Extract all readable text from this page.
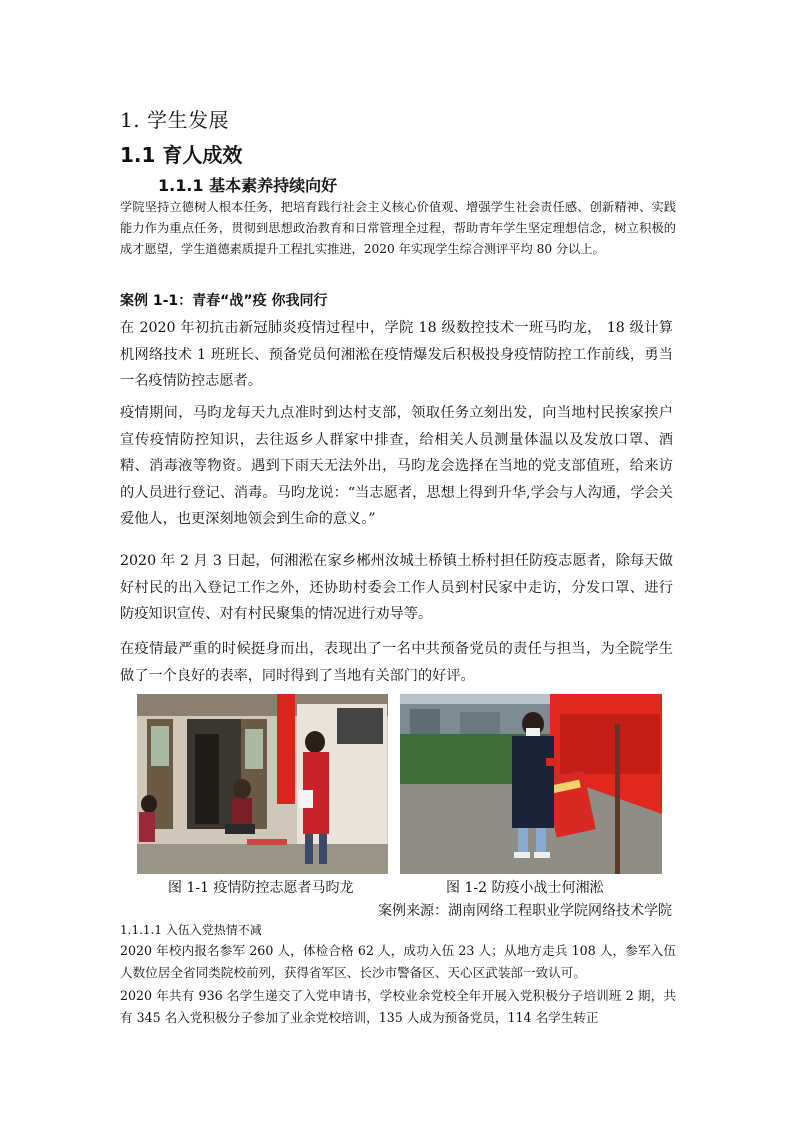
1. 学生发展
1.1 育人成效
1.1.1 基本素养持续向好
学院坚持立德树人根本任务，把培育践行社会主义核心价值观、增强学生社会责任感、创新精神、实践能力作为重点任务，贯彻到思想政治教育和日常管理全过程，帮助青年学生坚定理想信念，树立积极的成才愿望，学生道德素质提升工程扎实推进，2020 年实现学生综合测评平均 80 分以上。
案例 1-1：青春“战”疫 你我同行
在 2020 年初抗击新冠肺炎疫情过程中，学院 18 级数控技术一班马昀龙， 18 级计算机网络技术 1 班班长、预备党员何湘淞在疫情爆发后积极投身疫情防控工作前线，勇当一名疫情防控志愿者。
疫情期间，马昀龙每天九点准时到达村支部，领取任务立刻出发，向当地村民挨家挨户宣传疫情防控知识，去往返乡人群家中排查，给相关人员测量体温以及发放口罩、酒精、消毒液等物资。遇到下雨天无法外出，马昀龙会选择在当地的党支部值班，给来访的人员进行登记、消毒。马昀龙说：“当志愿者，思想上得到升华,学会与人沟通，学会关爱他人，也更深刻地领会到生命的意义。”
2020 年 2 月 3 日起，何湘淞在家乡郴州汝城土桥镇土桥村担任防疫志愿者，除每天做好村民的出入登记工作之外，还协助村委会工作人员到村民家中走访，分发口罩、进行防疫知识宣传、对有村民聚集的情况进行劝导等。
在疫情最严重的时候挺身而出，表现出了一名中共预备党员的责任与担当，为全院学生做了一个良好的表率，同时得到了当地有关部门的好评。
图 1-1 疫情防控志愿者马昀龙	图 1-2 防疫小战士何湘淞
案例来源：湖南网络工程职业学院网络技术学院
1.1.1.1 入伍入党热情不减
2020 年校内报名参军 260 人，体检合格 62 人，成功入伍 23 人；从地方走兵 108 人，参军入伍人数位居全省同类院校前列，获得省军区、长沙市警备区、天心区武装部一致认可。
2020 年共有 936 名学生递交了入党申请书，学校业余党校全年开展入党积极分子培训班 2 期，共有 345 名入党积极分子参加了业余党校培训，135 人成为预备党员，114 名学生转正
